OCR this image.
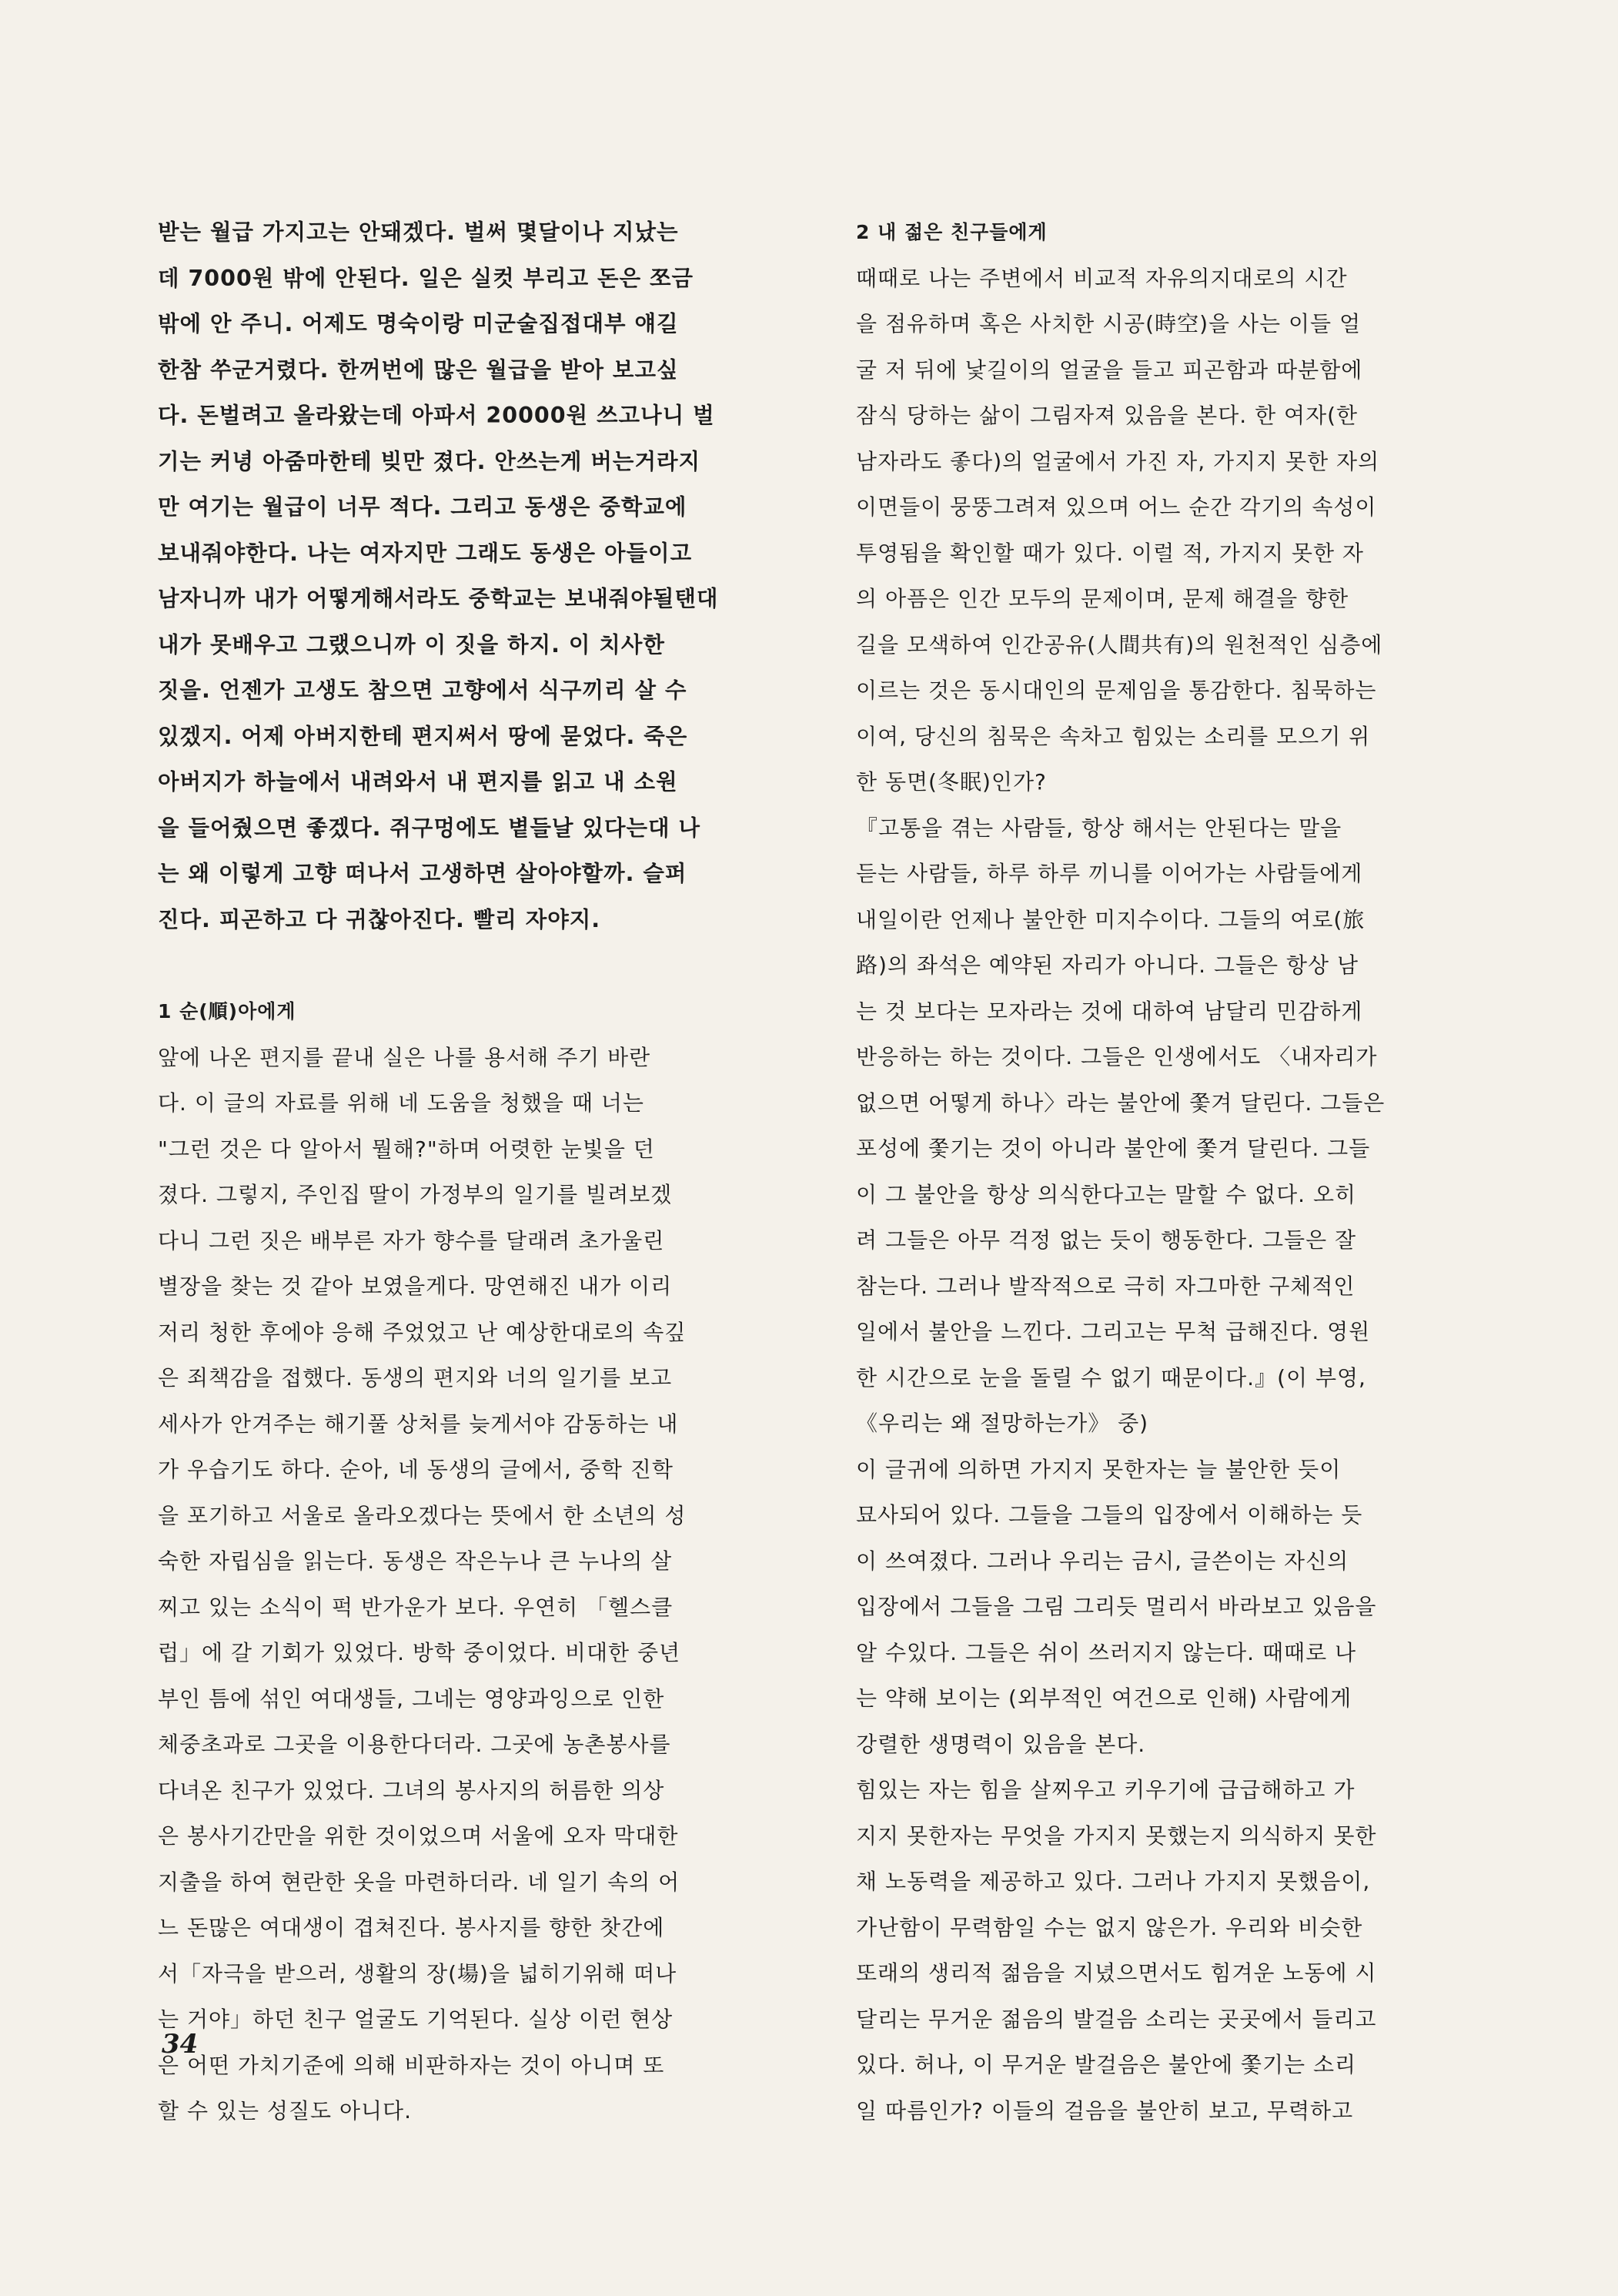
받는 월급 가지고는 안돼겠다. 벌써 몇달이나 지났는
데 7000원 밖에 안된다. 일은 실컷 부리고 돈은 쪼금
밖에 안 주니. 어제도 명숙이랑 미군술집접대부 얘길
한참 쑤군거렸다. 한꺼번에 많은 월급을 받아 보고싶
다. 돈벌려고 올라왔는데 아파서 20000원 쓰고나니 벌
기는 커녕 아줌마한테 빚만 졌다. 안쓰는게 버는거라지
만 여기는 월급이 너무 적다. 그리고 동생은 중학교에
보내줘야한다. 나는 여자지만 그래도 동생은 아들이고
남자니까 내가 어떻게해서라도 중학교는 보내줘야될탠대
내가 못배우고 그랬으니까 이 짓을 하지. 이 치사한
짓을. 언젠가 고생도 참으면 고향에서 식구끼리 살 수
있겠지. 어제 아버지한테 편지써서 땅에 묻었다. 죽은
아버지가 하늘에서 내려와서 내 편지를 읽고 내 소원
을 들어줬으면 좋겠다. 쥐구멍에도 볕들날 있다는대 나
는 왜 이렇게 고향 떠나서 고생하면 살아야할까. 슬퍼
진다. 피곤하고 다 귀찮아진다. 빨리 자야지.
1 순(順)아에게
앞에 나온 편지를 끝내 실은 나를 용서해 주기 바란
다. 이 글의 자료를 위해 네 도움을 청했을 때 너는
"그런 것은 다 알아서 뭘해?"하며 어렷한 눈빛을 던
졌다. 그렇지, 주인집 딸이 가정부의 일기를 빌려보겠
다니 그런 짓은 배부른 자가 향수를 달래려 초가울린
별장을 찾는 것 같아 보였을게다. 망연해진 내가 이리
저리 청한 후에야 응해 주었었고 난 예상한대로의 속깊
은 죄책감을 접했다. 동생의 편지와 너의 일기를 보고
세사가 안겨주는 해기풀 상처를 늦게서야 감동하는 내
가 우습기도 하다. 순아, 네 동생의 글에서, 중학 진학
을 포기하고 서울로 올라오겠다는 뜻에서 한 소년의 성
숙한 자립심을 읽는다. 동생은 작은누나 큰 누나의 살
찌고 있는 소식이 퍽 반가운가 보다. 우연히 「헬스클
럽」에 갈 기회가 있었다. 방학 중이었다. 비대한 중년
부인 틈에 섞인 여대생들, 그네는 영양과잉으로 인한
체중초과로 그곳을 이용한다더라. 그곳에 농촌봉사를
다녀온 친구가 있었다. 그녀의 봉사지의 허름한 의상
은 봉사기간만을 위한 것이었으며 서울에 오자 막대한
지출을 하여 현란한 옷을 마련하더라. 네 일기 속의 어
느 돈많은 여대생이 겹쳐진다. 봉사지를 향한 찻간에
서「자극을 받으러, 생활의 장(場)을 넓히기위해 떠나
는 거야」하던 친구 얼굴도 기억된다. 실상 이런 현상
은 어떤 가치기준에 의해 비판하자는 것이 아니며 또
할 수 있는 성질도 아니다.
2 내 젊은 친구들에게
때때로 나는 주변에서 비교적 자유의지대로의 시간
을 점유하며 혹은 사치한 시공(時空)을 사는 이들 얼
굴 저 뒤에 낯길이의 얼굴을 들고 피곤함과 따분함에
잠식 당하는 삶이 그림자져 있음을 본다. 한 여자(한
남자라도 좋다)의 얼굴에서 가진 자, 가지지 못한 자의
이면들이 뭉뚱그려져 있으며 어느 순간 각기의 속성이
투영됨을 확인할 때가 있다. 이럴 적, 가지지 못한 자
의 아픔은 인간 모두의 문제이며, 문제 해결을 향한
길을 모색하여 인간공유(人間共有)의 원천적인 심층에
이르는 것은 동시대인의 문제임을 통감한다. 침묵하는
이여, 당신의 침묵은 속차고 힘있는 소리를 모으기 위
한 동면(冬眠)인가?
『고통을 겪는 사람들, 항상 해서는 안된다는 말을
듣는 사람들, 하루 하루 끼니를 이어가는 사람들에게
내일이란 언제나 불안한 미지수이다. 그들의 여로(旅
路)의 좌석은 예약된 자리가 아니다. 그들은 항상 남
는 것 보다는 모자라는 것에 대하여 남달리 민감하게
반응하는 하는 것이다. 그들은 인생에서도 〈내자리가
없으면 어떻게 하나〉라는 불안에 쫓겨 달린다. 그들은
포성에 쫓기는 것이 아니라 불안에 쫓겨 달린다. 그들
이 그 불안을 항상 의식한다고는 말할 수 없다. 오히
려 그들은 아무 걱정 없는 듯이 행동한다. 그들은 잘
참는다. 그러나 발작적으로 극히 자그마한 구체적인
일에서 불안을 느낀다. 그리고는 무척 급해진다. 영원
한 시간으로 눈을 돌릴 수 없기 때문이다.』(이 부영,
《우리는 왜 절망하는가》 중)
이 글귀에 의하면 가지지 못한자는 늘 불안한 듯이
묘사되어 있다. 그들을 그들의 입장에서 이해하는 듯
이 쓰여졌다. 그러나 우리는 금시, 글쓴이는 자신의
입장에서 그들을 그림 그리듯 멀리서 바라보고 있음을
알 수있다. 그들은 쉬이 쓰러지지 않는다. 때때로 나
는 약해 보이는 (외부적인 여건으로 인해) 사람에게
강렬한 생명력이 있음을 본다.
힘있는 자는 힘을 살찌우고 키우기에 급급해하고 가
지지 못한자는 무엇을 가지지 못했는지 의식하지 못한
채 노동력을 제공하고 있다. 그러나 가지지 못했음이,
가난함이 무력함일 수는 없지 않은가. 우리와 비슷한
또래의 생리적 젊음을 지녔으면서도 힘겨운 노동에 시
달리는 무거운 젊음의 발걸음 소리는 곳곳에서 들리고
있다. 허나, 이 무거운 발걸음은 불안에 쫓기는 소리
일 따름인가? 이들의 걸음을 불안히 보고, 무력하고
34
